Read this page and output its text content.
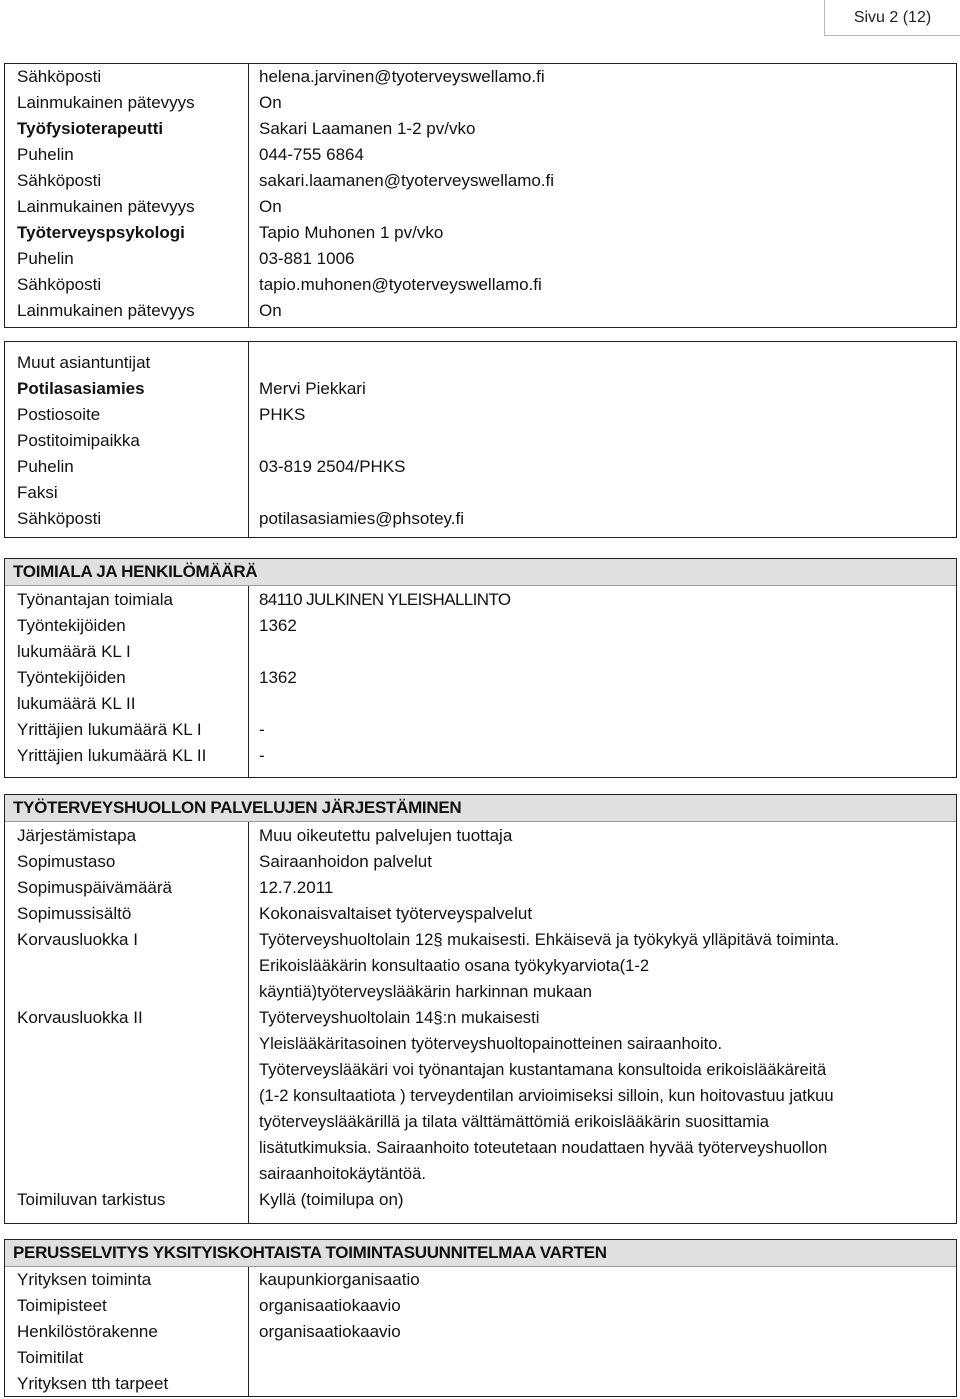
Sivu 2 (12)
Sähköposti	helena.jarvinen@tyoterveyswellamo.fi
Lainmukainen pätevyys	On
Työfysioterapeutti	Sakari Laamanen 1-2 pv/vko
Puhelin	044-755 6864
Sähköposti	sakari.laamanen@tyoterveyswellamo.fi
Lainmukainen pätevyys	On
Työterveyspsykologi	Tapio Muhonen 1 pv/vko
Puhelin	03-881 1006
Sähköposti	tapio.muhonen@tyoterveyswellamo.fi
Lainmukainen pätevyys	On
Muut asiantuntijat
Potilasasiamies	Mervi Piekkari
Postiosoite	PHKS
Postitoimipaikka
Puhelin	03-819 2504/PHKS
Faksi
Sähköposti	potilasasiamies@phsotey.fi
TOIMIALA JA HENKILÖMÄÄRÄ
Työnantajan toimiala	84110 JULKINEN YLEISHALLINTO
Työntekijöiden	1362
lukumäärä KL I
Työntekijöiden	1362
lukumäärä KL II
Yrittäjien lukumäärä KL I	-
Yrittäjien lukumäärä KL II	-
TYÖTERVEYSHUOLLON PALVELUJEN JÄRJESTÄMINEN
Järjestämistapa	Muu oikeutettu palvelujen tuottaja
Sopimustaso	Sairaanhoidon palvelut
Sopimuspäivämäärä	12.7.2011
Sopimussisältö	Kokonaisvaltaiset työterveyspalvelut
Korvausluokka I	Työterveyshuoltolain 12§ mukaisesti. Ehkäisevä ja työkykyä ylläpitävä toiminta.
Erikoislääkärin konsultaatio osana työkykyarviota(1-2
käyntiä)työterveyslääkärin harkinnan mukaan
Korvausluokka II	Työterveyshuoltolain 14§:n mukaisesti
Yleislääkäritasoinen työterveyshuoltopainotteinen sairaanhoito.
Työterveyslääkäri voi työnantajan kustantamana konsultoida erikoislääkäreitä
(1-2 konsultaatiota ) terveydentilan arvioimiseksi silloin, kun hoitovastuu jatkuu
työterveyslääkärillä ja tilata välttämättömiä erikoislääkärin suosittamia
lisätutkimuksia. Sairaanhoito toteutetaan noudattaen hyvää työterveyshuollon
sairaanhoitokäytäntöä.
Toimiluvan tarkistus	Kyllä (toimilupa on)
PERUSSELVITYS YKSITYISKOHTAISTA TOIMINTASUUNNITELMAA VARTEN
Yrityksen toiminta	kaupunkiorganisaatio
Toimipisteet	organisaatiokaavio
Henkilöstörakenne	organisaatiokaavio
Toimitilat
Yrityksen tth tarpeet
